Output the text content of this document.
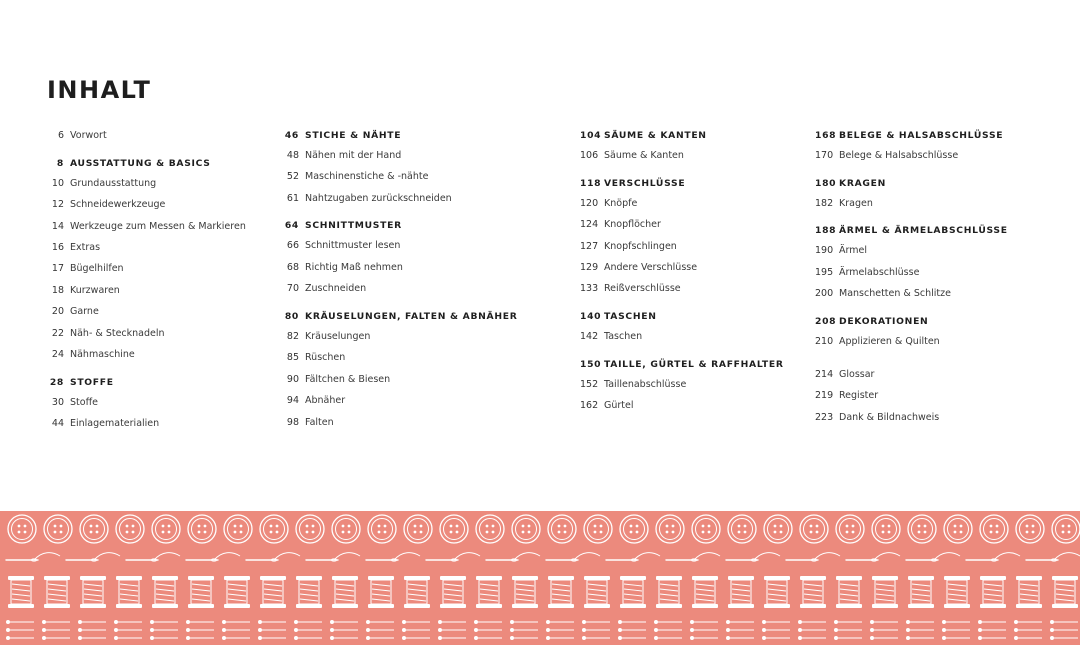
INHALT
6 Vorwort
8 AUSSTATTUNG & BASICS
10 Grundausstattung
12 Schneidewerkzeuge
14 Werkzeuge zum Messen & Markieren
16 Extras
17 Bügelhilfen
18 Kurzwaren
20 Garne
22 Näh- & Stecknadeln
24 Nähmaschine
28 STOFFE
30 Stoffe
44 Einlagematerialien
46 STICHE & NÄHTE
48 Nähen mit der Hand
52 Maschinenstiche & -nähte
61 Nahtzugaben zurückschneiden
64 SCHNITTMUSTER
66 Schnittmuster lesen
68 Richtig Maß nehmen
70 Zuschneiden
80 KRÄUSELUNGEN, FALTEN & ABNÄHER
82 Kräuselungen
85 Rüschen
90 Fältchen & Biesen
94 Abnäher
98 Falten
104 SÄUME & KANTEN
106 Säume & Kanten
118 VERSCHLÜSSE
120 Knöpfe
124 Knopflöcher
127 Knopfschlingen
129 Andere Verschlüsse
133 Reißverschlüsse
140 TASCHEN
142 Taschen
150 TAILLE, GÜRTEL & RAFFHALTER
152 Taillenabschlüsse
162 Gürtel
168 BELEGE & HALSABSCHLÜSSE
170 Belege & Halsabschlüsse
180 KRAGEN
182 Kragen
188 ÄRMEL & ÄRMELABSCHLÜSSE
190 Ärmel
195 Ärmelabschlüsse
200 Manschetten & Schlitze
208 DEKORATIONEN
210 Applizieren & Quilten
214 Glossar
219 Register
223 Dank & Bildnachweis
